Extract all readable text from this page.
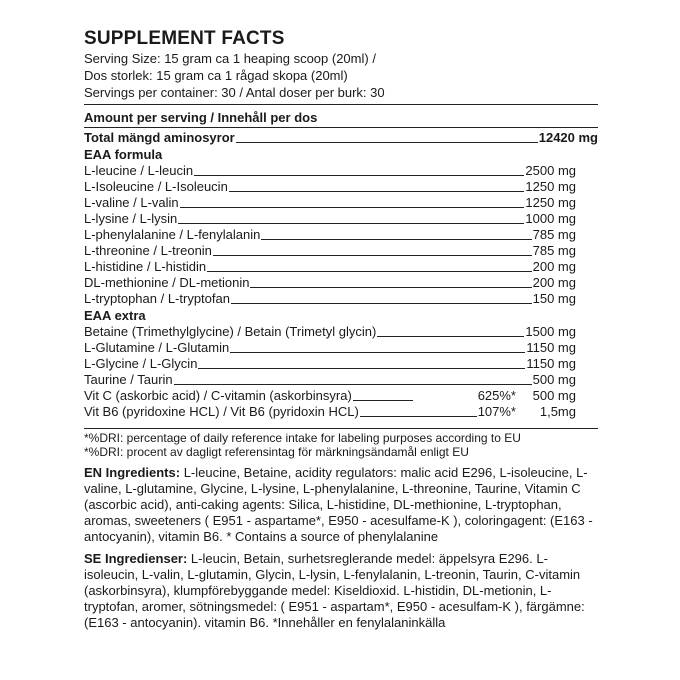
SUPPLEMENT FACTS
Serving Size: 15 gram ca 1 heaping scoop (20ml) /
Dos storlek: 15 gram ca 1 rågad skopa (20ml)
Servings per container: 30 / Antal doser per burk: 30
Amount per serving / Innehåll per dos
Total mängd aminosyror	12420 mg
EAA formula
L-leucine / L-leucin	2500 mg
L-Isoleucine / L-Isoleucin	1250 mg
L-valine / L-valin	1250 mg
L-lysine / L-lysin	1000 mg
L-phenylalanine / L-fenylalanin	785 mg
L-threonine / L-treonin	785 mg
L-histidine / L-histidin	200 mg
DL-methionine / DL-metionin	200 mg
L-tryptophan / L-tryptofan	150 mg
EAA extra
Betaine (Trimethylglycine) / Betain (Trimetyl glycin)	1500 mg
L-Glutamine / L-Glutamin	1150 mg
L-Glycine / L-Glycin	1150 mg
Taurine / Taurin	500 mg
Vit C (askorbic acid) / C-vitamin (askorbinsyra)	625%*	500 mg
Vit B6 (pyridoxine HCL) / Vit B6 (pyridoxin HCL)	107%*	1,5mg
*%DRI: percentage of daily reference intake for labeling purposes according to EU
*%DRI: procent av dagligt referensintag för märkningsändamål enligt EU
EN Ingredients: L-leucine, Betaine, acidity regulators: malic acid E296, L-isoleucine, L-valine, L-glutamine, Glycine, L-lysine, L-phenylalanine, L-threonine, Taurine, Vitamin C (ascorbic acid), anti-caking agents: Silica, L-histidine, DL-methionine, L-tryptophan, aromas, sweeteners ( E951 - aspartame*, E950 - acesulfame-K ), coloringagent: (E163 - antocyanin), vitamin B6. * Contains a source of phenylalanine
SE Ingredienser: L-leucin, Betain, surhetsreglerande medel: äppelsyra E296. L-isoleucin, L-valin, L-glutamin, Glycin, L-lysin, L-fenylalanin, L-treonin, Taurin, C-vitamin (askorbinsyra), klumpförebyggande medel: Kiseldioxid. L-histidin, DL-metionin, L-tryptofan, aromer, sötningsmedel: ( E951 - aspartam*, E950 - acesulfam-K ), färgämne: (E163 - antocyanin). vitamin B6. *Innehåller en fenylalaninkälla
